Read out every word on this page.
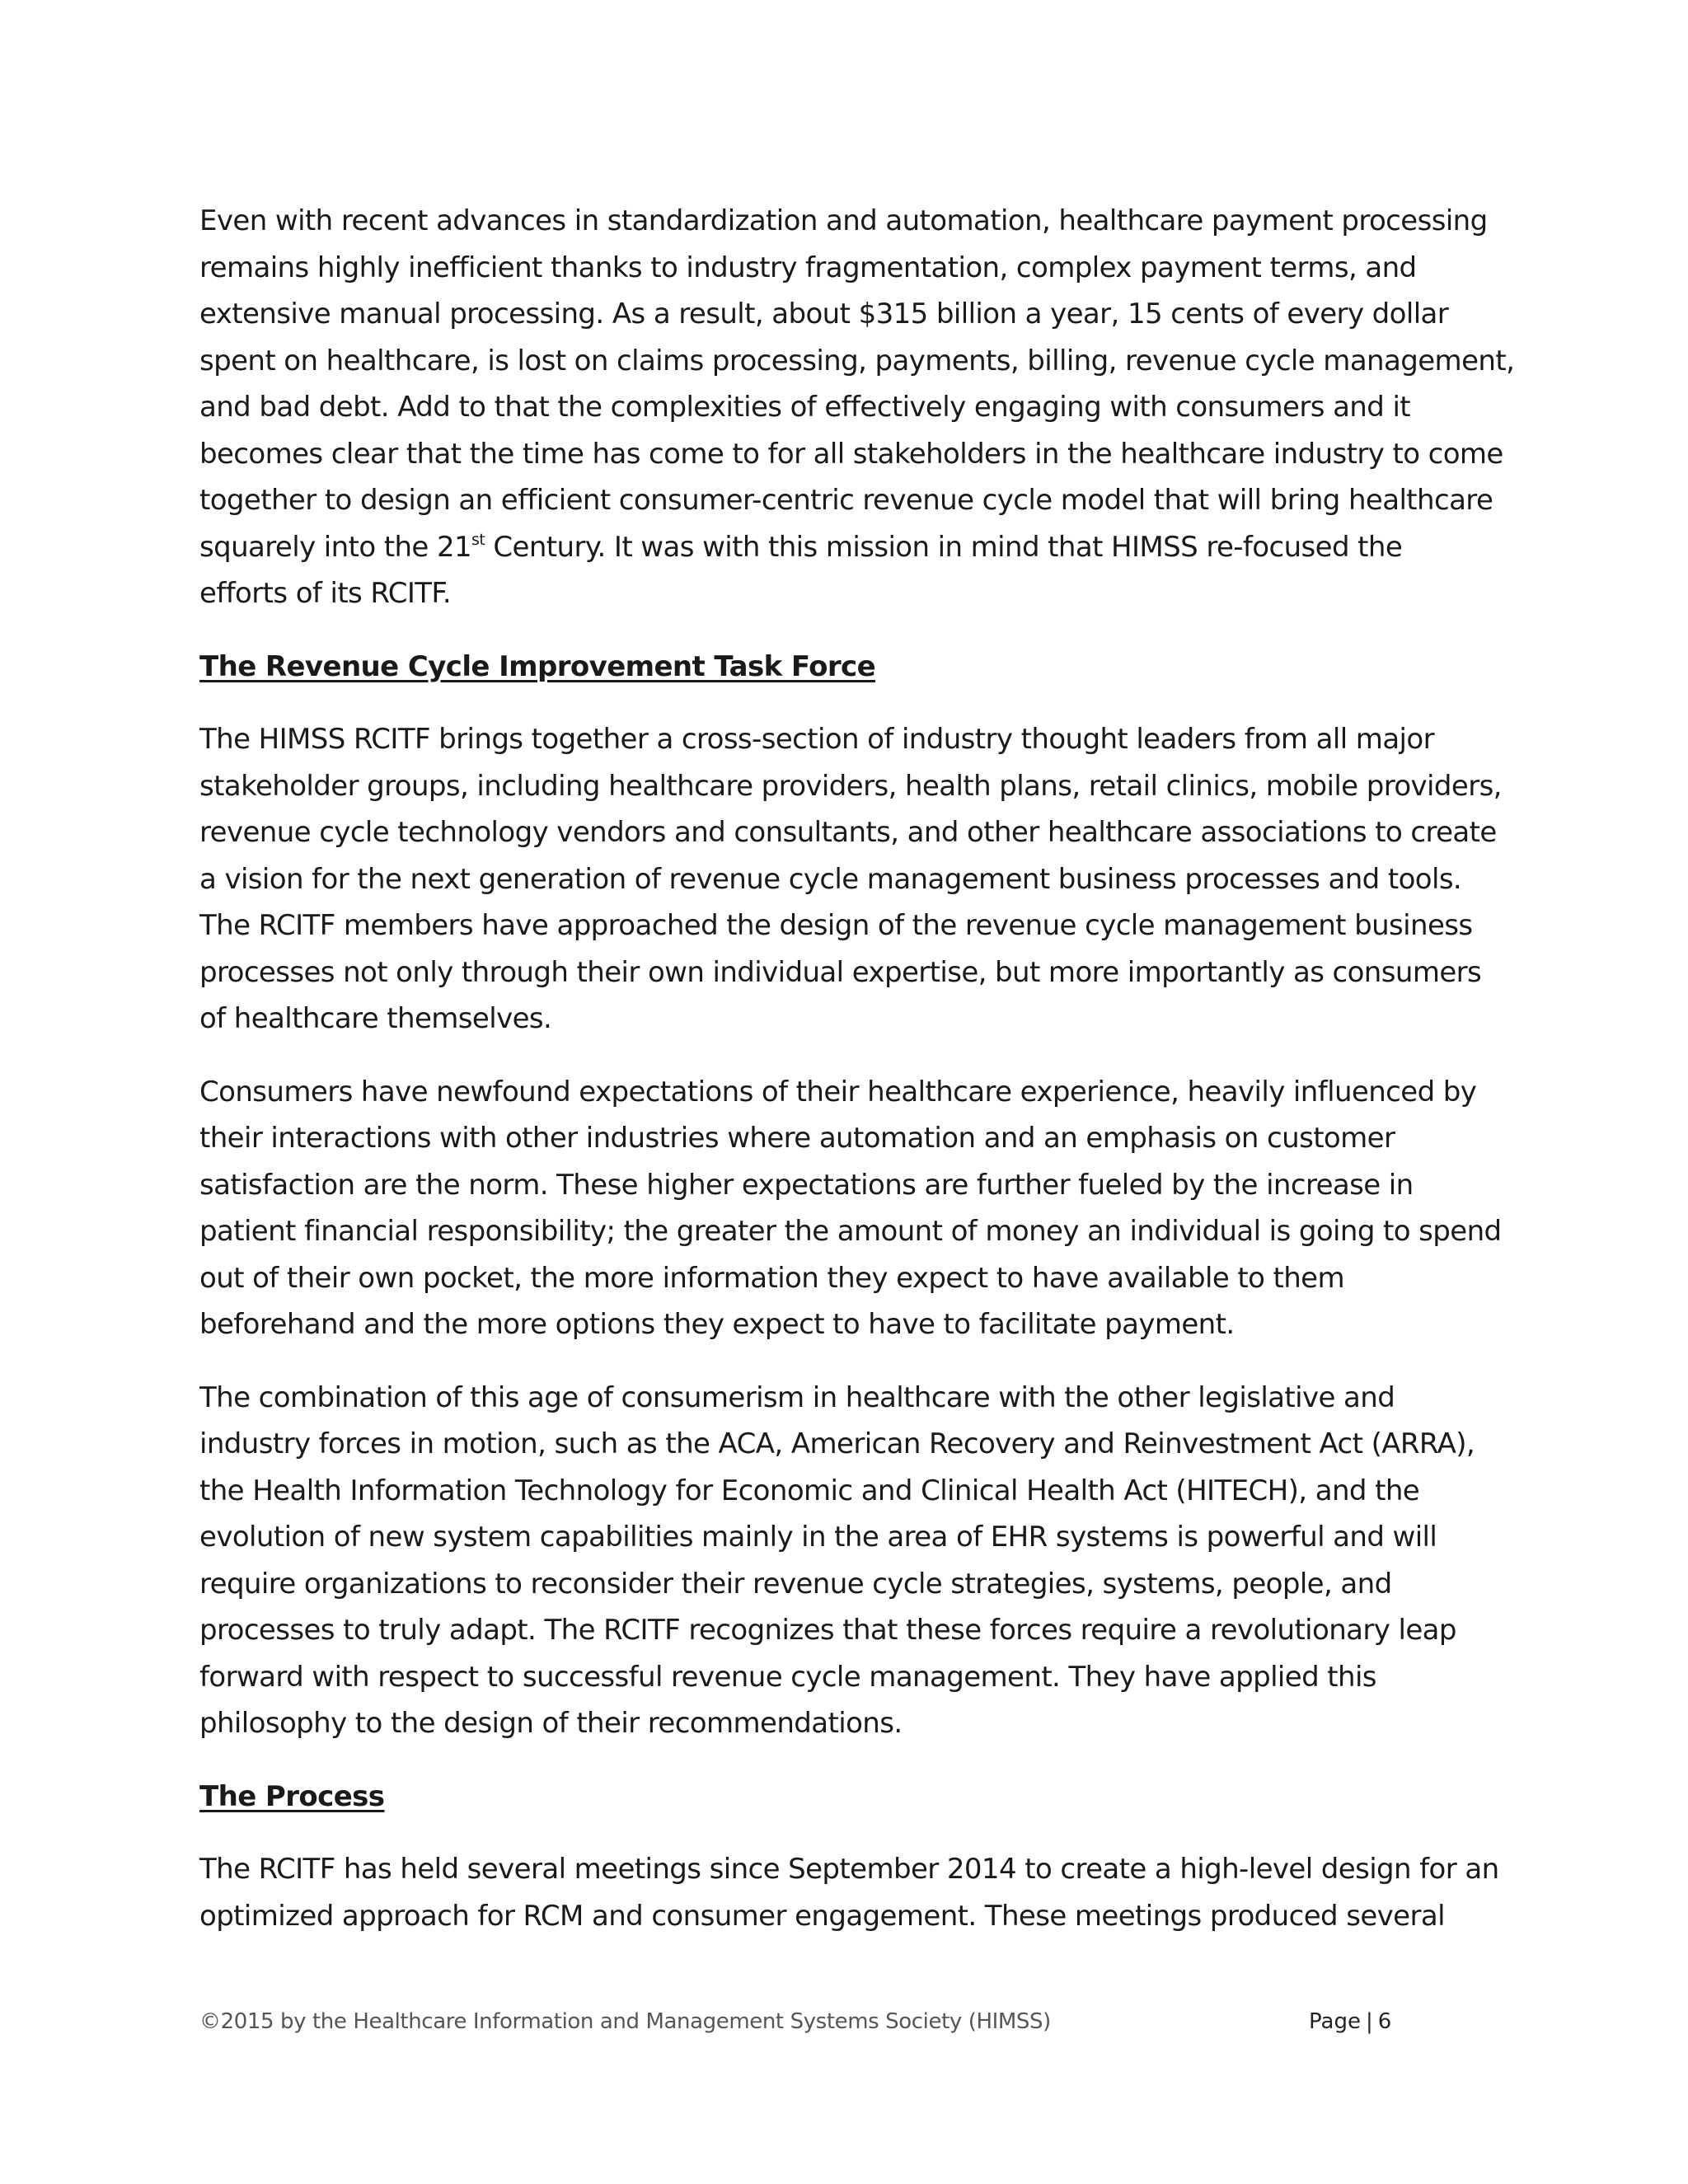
Even with recent advances in standardization and automation, healthcare payment processing
remains highly inefficient thanks to industry fragmentation, complex payment terms, and
extensive manual processing. As a result, about $315 billion a year, 15 cents of every dollar
spent on healthcare, is lost on claims processing, payments, billing, revenue cycle management,
and bad debt. Add to that the complexities of effectively engaging with consumers and it
becomes clear that the time has come to for all stakeholders in the healthcare industry to come
together to design an efficient consumer-centric revenue cycle model that will bring healthcare
squarely into the 21st Century. It was with this mission in mind that HIMSS re-focused the
efforts of its RCITF.

The Revenue Cycle Improvement Task Force

The HIMSS RCITF brings together a cross-section of industry thought leaders from all major
stakeholder groups, including healthcare providers, health plans, retail clinics, mobile providers,
revenue cycle technology vendors and consultants, and other healthcare associations to create
a vision for the next generation of revenue cycle management business processes and tools.
The RCITF members have approached the design of the revenue cycle management business
processes not only through their own individual expertise, but more importantly as consumers
of healthcare themselves.

Consumers have newfound expectations of their healthcare experience, heavily influenced by
their interactions with other industries where automation and an emphasis on customer
satisfaction are the norm. These higher expectations are further fueled by the increase in
patient financial responsibility; the greater the amount of money an individual is going to spend
out of their own pocket, the more information they expect to have available to them
beforehand and the more options they expect to have to facilitate payment.

The combination of this age of consumerism in healthcare with the other legislative and
industry forces in motion, such as the ACA, American Recovery and Reinvestment Act (ARRA),
the Health Information Technology for Economic and Clinical Health Act (HITECH), and the
evolution of new system capabilities mainly in the area of EHR systems is powerful and will
require organizations to reconsider their revenue cycle strategies, systems, people, and
processes to truly adapt. The RCITF recognizes that these forces require a revolutionary leap
forward with respect to successful revenue cycle management. They have applied this
philosophy to the design of their recommendations.

The Process

The RCITF has held several meetings since September 2014 to create a high-level design for an
optimized approach for RCM and consumer engagement. These meetings produced several

©2015 by the Healthcare Information and Management Systems Society (HIMSS)	Page | 6
